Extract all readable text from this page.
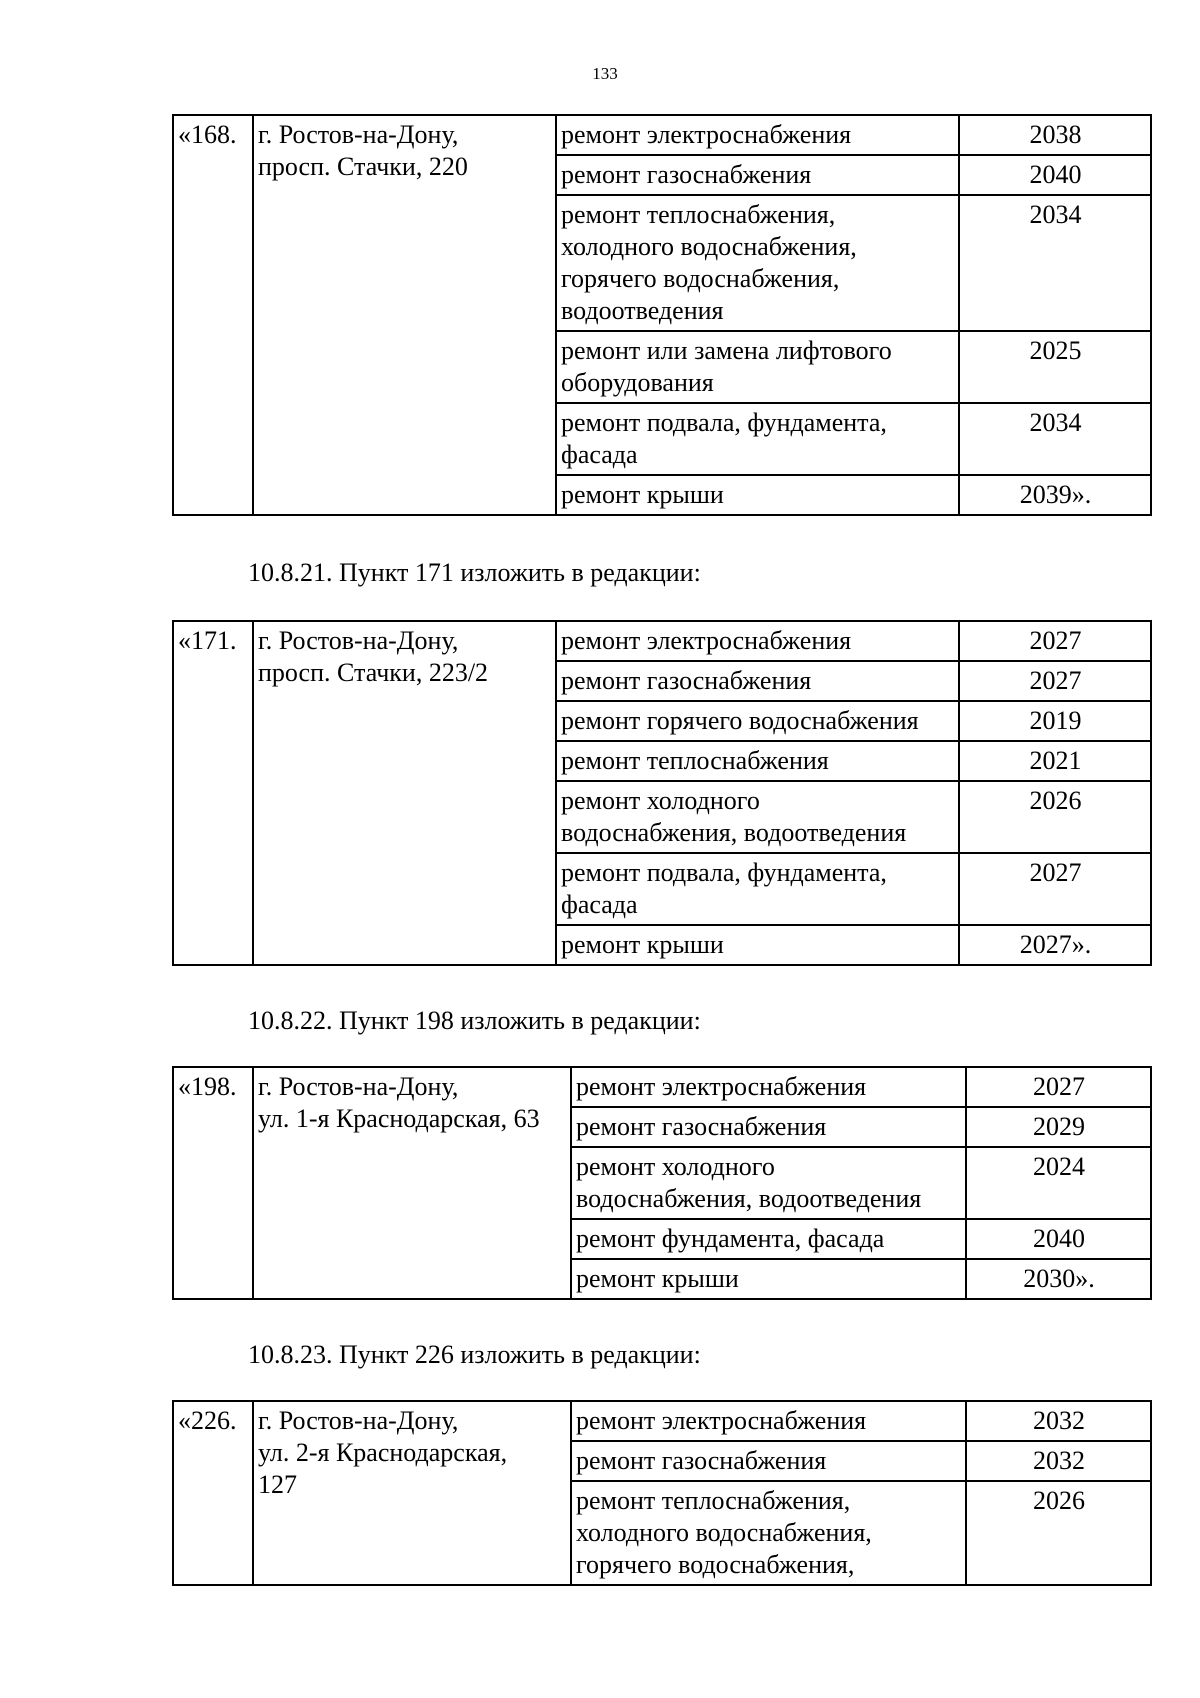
133
«168.	г. Ростов-на-Дону,
просп. Стачки, 220	ремонт электроснабжения	2038
		ремонт газоснабжения	2040
		ремонт теплоснабжения,
холодного водоснабжения,
горячего водоснабжения,
водоотведения	2034
		ремонт или замена лифтового
оборудования	2025
		ремонт подвала, фундамента,
фасада	2034
		ремонт крыши	2039».
10.8.21. Пункт 171 изложить в редакции:
«171.	г. Ростов-на-Дону,
просп. Стачки, 223/2	ремонт электроснабжения	2027
		ремонт газоснабжения	2027
		ремонт горячего водоснабжения	2019
		ремонт теплоснабжения	2021
		ремонт холодного
водоснабжения, водоотведения	2026
		ремонт подвала, фундамента,
фасада	2027
		ремонт крыши	2027».
10.8.22. Пункт 198 изложить в редакции:
«198.	г. Ростов-на-Дону,
ул. 1-я Краснодарская, 63	ремонт электроснабжения	2027
		ремонт газоснабжения	2029
		ремонт холодного
водоснабжения, водоотведения	2024
		ремонт фундамента, фасада	2040
		ремонт крыши	2030».
10.8.23. Пункт 226 изложить в редакции:
«226.	г. Ростов-на-Дону,
ул. 2-я Краснодарская,
127	ремонт электроснабжения	2032
		ремонт газоснабжения	2032
		ремонт теплоснабжения,
холодного водоснабжения,
горячего водоснабжения,	2026
